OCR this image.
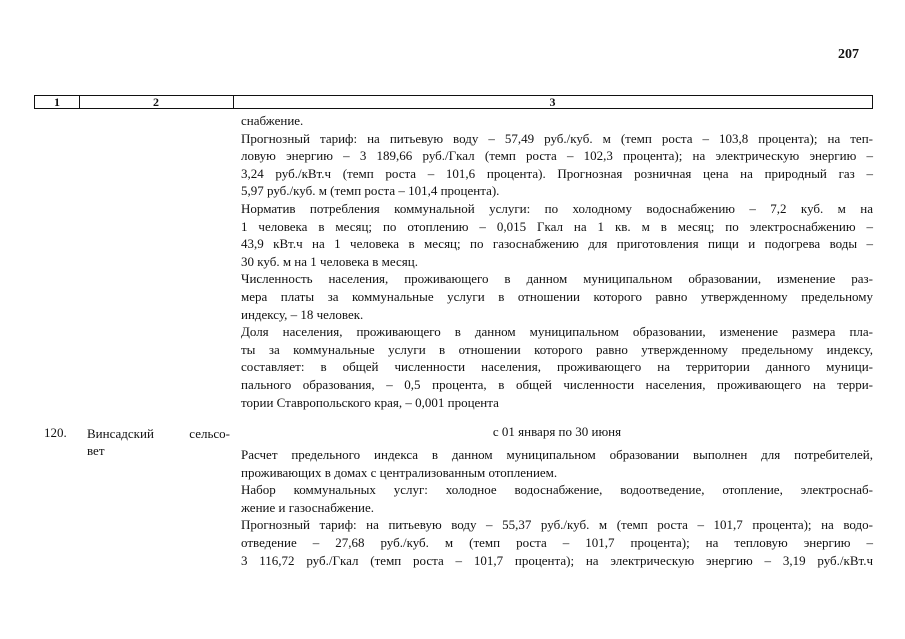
207
1	2	3
снабжение.
Прогнозный тариф: на питьевую воду – 57,49 руб./куб. м (темп роста – 103,8 процента); на теп-
ловую энергию – 3 189,66 руб./Гкал (темп роста – 102,3 процента); на электрическую энергию –
3,24 руб./кВт.ч (темп роста – 101,6 процента). Прогнозная розничная цена на природный газ –
5,97 руб./куб. м (темп роста – 101,4 процента).
Норматив потребления коммунальной услуги: по холодному водоснабжению – 7,2 куб. м на
1 человека в месяц; по отоплению – 0,015 Гкал на 1 кв. м в месяц; по электроснабжению –
43,9 кВт.ч на 1 человека в месяц; по газоснабжению для приготовления пищи и подогрева воды –
30 куб. м на 1 человека в месяц.
Численность населения, проживающего в данном муниципальном образовании, изменение раз-
мера платы за коммунальные услуги в отношении которого равно утвержденному предельному
индексу, – 18 человек.
Доля населения, проживающего в данном муниципальном образовании, изменение размера пла-
ты за коммунальные услуги в отношении которого равно утвержденному предельному индексу,
составляет: в общей численности населения, проживающего на территории данного муници-
пального образования, – 0,5 процента, в общей численности населения, проживающего на терри-
тории Ставропольского края, – 0,001 процента
120. Винсадский сельсо-
вет
с 01 января по 30 июня
Расчет предельного индекса в данном муниципальном образовании выполнен для потребителей,
проживающих в домах с централизованным отоплением.
Набор коммунальных услуг: холодное водоснабжение, водоотведение, отопление, электроснаб-
жение и газоснабжение.
Прогнозный тариф: на питьевую воду – 55,37 руб./куб. м (темп роста – 101,7 процента); на водо-
отведение – 27,68 руб./куб. м (темп роста – 101,7 процента); на тепловую энергию –
3 116,72 руб./Гкал (темп роста – 101,7 процента); на электрическую энергию – 3,19 руб./кВт.ч
